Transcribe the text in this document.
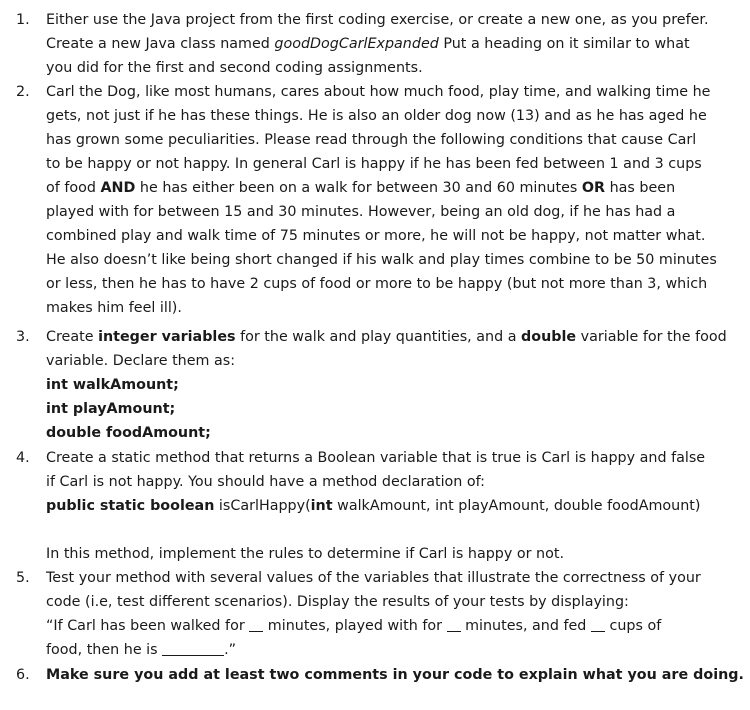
1. Either use the Java project from the first coding exercise, or create a new one, as you prefer.
Create a new Java class named goodDogCarlExpanded Put a heading on it similar to what
you did for the first and second coding assignments.
2. Carl the Dog, like most humans, cares about how much food, play time, and walking time he
gets, not just if he has these things. He is also an older dog now (13) and as he has aged he
has grown some peculiarities. Please read through the following conditions that cause Carl
to be happy or not happy. In general Carl is happy if he has been fed between 1 and 3 cups
of food AND he has either been on a walk for between 30 and 60 minutes OR has been
played with for between 15 and 30 minutes. However, being an old dog, if he has had a
combined play and walk time of 75 minutes or more, he will not be happy, not matter what.
He also doesn’t like being short changed if his walk and play times combine to be 50 minutes
or less, then he has to have 2 cups of food or more to be happy (but not more than 3, which
makes him feel ill).
3. Create integer variables for the walk and play quantities, and a double variable for the food
variable. Declare them as:
int walkAmount;
int playAmount;
double foodAmount;
4. Create a static method that returns a Boolean variable that is true is Carl is happy and false
if Carl is not happy. You should have a method declaration of:
public static boolean isCarlHappy(int walkAmount, int playAmount, double foodAmount)
In this method, implement the rules to determine if Carl is happy or not.
5. Test your method with several values of the variables that illustrate the correctness of your
code (i.e, test different scenarios). Display the results of your tests by displaying:
“If Carl has been walked for  minutes, played with for  minutes, and fed  cups of
food, then he is	.”
6. Make sure you add at least two comments in your code to explain what you are doing.
